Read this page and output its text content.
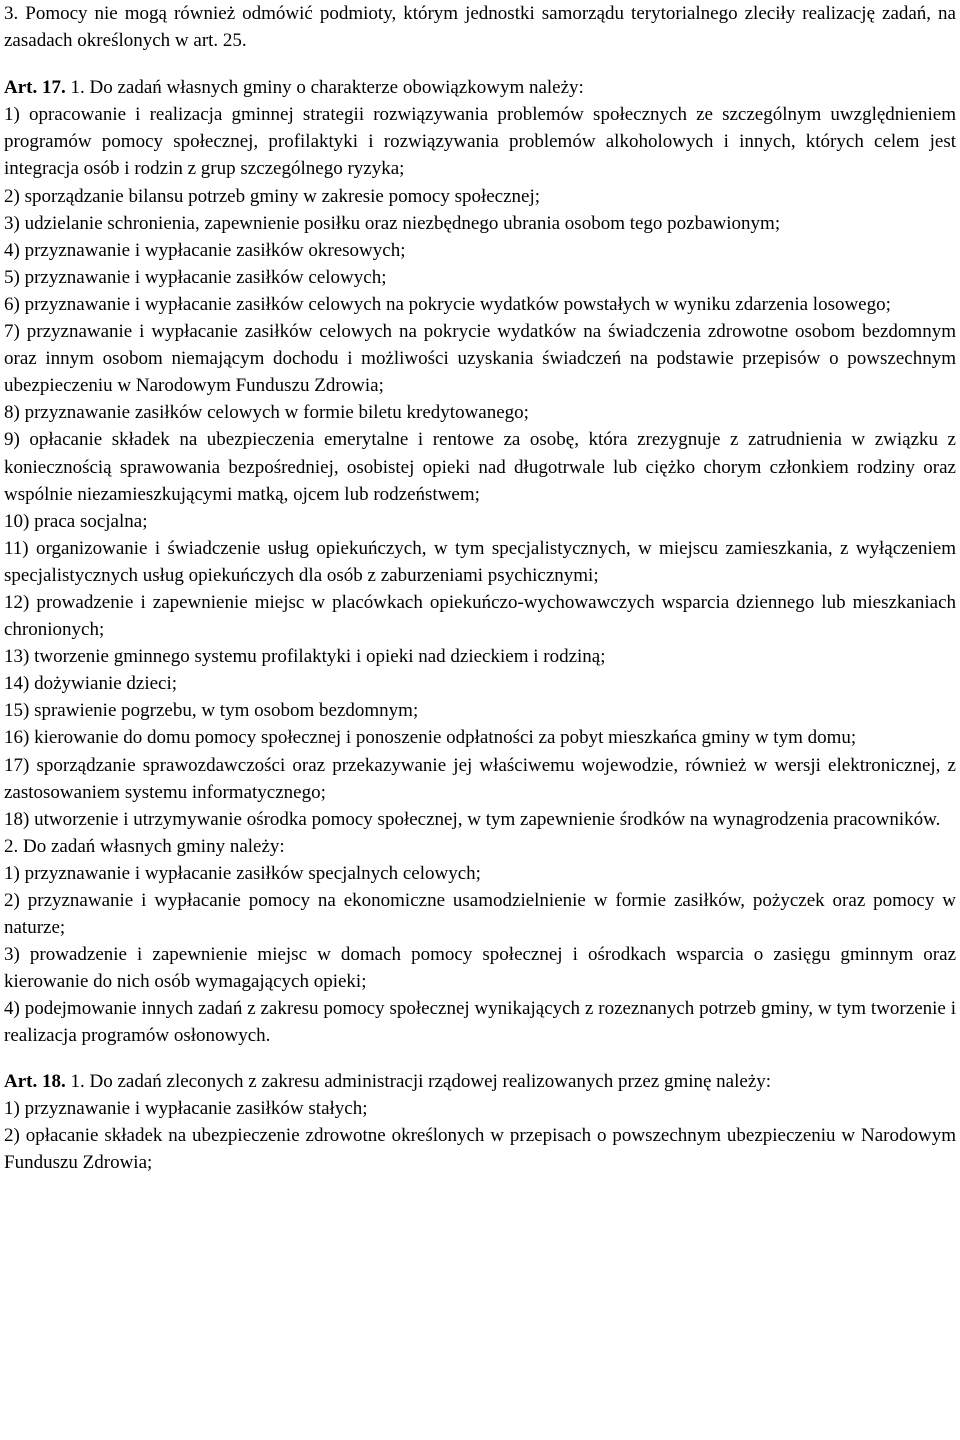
3. Pomocy nie mogą również odmówić podmioty, którym jednostki samorządu terytorialnego zleciły realizację zadań, na zasadach określonych w art. 25.

Art. 17. 1. Do zadań własnych gminy o charakterze obowiązkowym należy:

1) opracowanie i realizacja gminnej strategii rozwiązywania problemów społecznych ze szczególnym uwzględnieniem programów pomocy społecznej, profilaktyki i rozwiązywania problemów alkoholowych i innych, których celem jest integracja osób i rodzin z grup szczególnego ryzyka;
2) sporządzanie bilansu potrzeb gminy w zakresie pomocy społecznej;
3) udzielanie schronienia, zapewnienie posiłku oraz niezbędnego ubrania osobom tego pozbawionym;
4) przyznawanie i wypłacanie zasiłków okresowych;
5) przyznawanie i wypłacanie zasiłków celowych;
6) przyznawanie i wypłacanie zasiłków celowych na pokrycie wydatków powstałych w wyniku zdarzenia losowego;
7) przyznawanie i wypłacanie zasiłków celowych na pokrycie wydatków na świadczenia zdrowotne osobom bezdomnym oraz innym osobom niemającym dochodu i możliwości uzyskania świadczeń na podstawie przepisów o powszechnym ubezpieczeniu w Narodowym Funduszu Zdrowia;
8) przyznawanie zasiłków celowych w formie biletu kredytowanego;
9) opłacanie składek na ubezpieczenia emerytalne i rentowe za osobę, która zrezygnuje z zatrudnienia w związku z koniecznością sprawowania bezpośredniej, osobistej opieki nad długotrwale lub ciężko chorym członkiem rodziny oraz wspólnie niezamieszkującymi matką, ojcem lub rodzeństwem;
10) praca socjalna;
11) organizowanie i świadczenie usług opiekuńczych, w tym specjalistycznych, w miejscu zamieszkania, z wyłączeniem specjalistycznych usług opiekuńczych dla osób z zaburzeniami psychicznymi;
12) prowadzenie i zapewnienie miejsc w placówkach opiekuńczo-wychowawczych wsparcia dziennego lub mieszkaniach chronionych;
13) tworzenie gminnego systemu profilaktyki i opieki nad dzieckiem i rodziną;
14) dożywianie dzieci;
15) sprawienie pogrzebu, w tym osobom bezdomnym;
16) kierowanie do domu pomocy społecznej i ponoszenie odpłatności za pobyt mieszkańca gminy w tym domu;
17) sporządzanie sprawozdawczości oraz przekazywanie jej właściwemu wojewodzie, również w wersji elektronicznej, z zastosowaniem systemu informatycznego;
18) utworzenie i utrzymywanie ośrodka pomocy społecznej, w tym zapewnienie środków na wynagrodzenia pracowników.

2. Do zadań własnych gminy należy:

1) przyznawanie i wypłacanie zasiłków specjalnych celowych;
2) przyznawanie i wypłacanie pomocy na ekonomiczne usamodzielnienie w formie zasiłków, pożyczek oraz pomocy w naturze;
3) prowadzenie i zapewnienie miejsc w domach pomocy społecznej i ośrodkach wsparcia o zasięgu gminnym oraz kierowanie do nich osób wymagających opieki;
4) podejmowanie innych zadań z zakresu pomocy społecznej wynikających z rozeznanych potrzeb gminy, w tym tworzenie i realizacja programów osłonowych.

Art. 18. 1. Do zadań zleconych z zakresu administracji rządowej realizowanych przez gminę należy:

1) przyznawanie i wypłacanie zasiłków stałych;
2) opłacanie składek na ubezpieczenie zdrowotne określonych w przepisach o powszechnym ubezpieczeniu w Narodowym Funduszu Zdrowia;
